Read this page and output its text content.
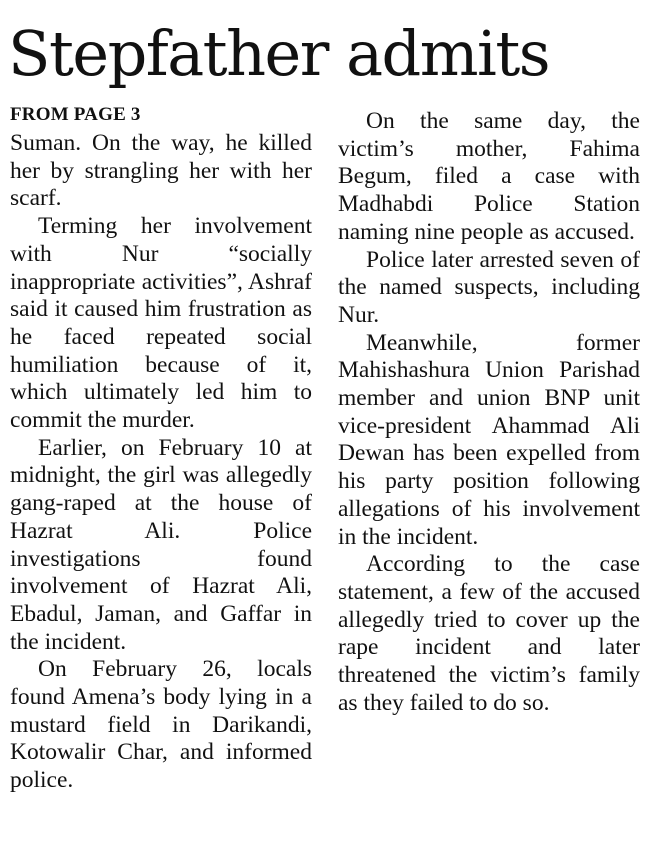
Stepfather admits
FROM PAGE 3

Suman. On the way, he killed her by strangling her with her scarf.

Terming her involvement with Nur “socially inappropriate activities”, Ashraf said it caused him frustration as he faced repeated social humiliation because of it, which ultimately led him to commit the murder.

Earlier, on February 10 at midnight, the girl was allegedly gang-raped at the house of Hazrat Ali. Police investigations found involvement of Hazrat Ali, Ebadul, Jaman, and Gaffar in the incident.

On February 26, locals found Amena’s body lying in a mustard field in Darikandi, Kotowalir Char, and informed police.

On the same day, the victim’s mother, Fahima Begum, filed a case with Madhabdi Police Station naming nine people as accused.

Police later arrested seven of the named suspects, including Nur.

Meanwhile, former Mahishashura Union Parishad member and union BNP unit vice-president Ahammad Ali Dewan has been expelled from his party position following allegations of his involvement in the incident.

According to the case statement, a few of the accused allegedly tried to cover up the rape incident and later threatened the victim’s family as they failed to do so.
